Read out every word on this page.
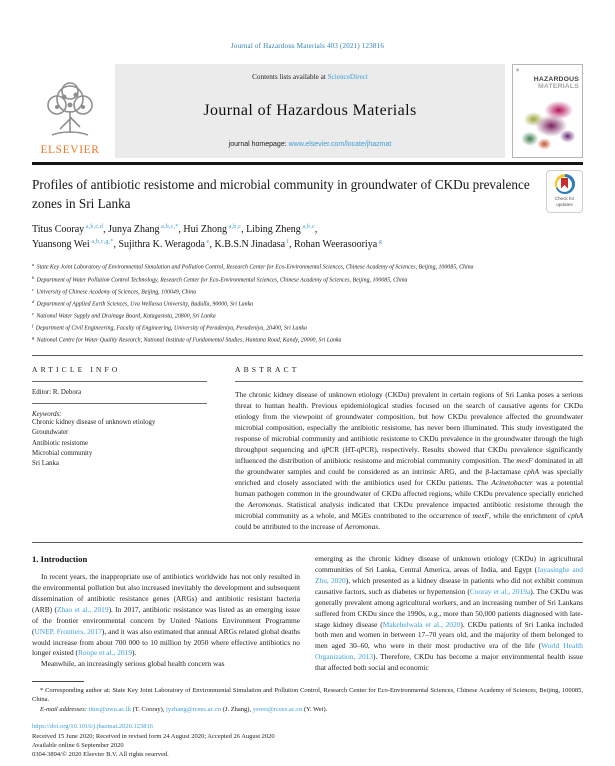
Journal of Hazardous Materials 403 (2021) 123816
ELSEVIER
Contents lists available at ScienceDirect
Journal of Hazardous Materials
journal homepage: www.elsevier.com/locate/jhazmat
▦	▫
HAZARDOUS
MATERIALS
Profiles of antibiotic resistome and microbial community in groundwater of CKDu prevalence zones in Sri Lanka	Check for
updates
Titus Cooray $^{a,b,c,d}$, Junya Zhang $^{a,b,c,*}$, Hui Zhong $^{a,b,c}$, Libing Zheng $^{a,b,c}$,
Yuansong Wei $^{a,b,c,g,*}$, Sujithra K. Weragoda $^e$, K.B.S.N Jinadasa $^f$, Rohan Weerasooriya $^g$
$^a$ State Key Joint Laboratory of Environmental Simulation and Pollution Control, Research Center for Eco-Environmental Sciences, Chinese Academy of Sciences, Beijing, 100085, China
$^b$ Department of Water Pollution Control Technology, Research Center for Eco-Environmental Sciences, Chinese Academy of Sciences, Beijing, 100085, China
$^c$ University of Chinese Academy of Sciences, Beijing, 100049, China
$^d$ Department of Applied Earth Sciences, Uva Wellassa University, Badulla, 90000, Sri Lanka
$^e$ National Water Supply and Drainage Board, Katugastota, 20800, Sri Lanka
$^f$ Department of Civil Engineering, Faculty of Engineering, University of Peradeniya, Peradeniya, 20400, Sri Lanka
$^g$ National Centre for Water Quality Research, National Institute of Fundamental Studies, Hantana Road, Kandy, 20000, Sri Lanka
ARTICLE INFO
Editor: R. Debora
Keywords:
Chronic kidney disease of unknown etiology
Groundwater
Antibiotic resistome
Microbial community
Sri Lanka
ABSTRACT
The chronic kidney disease of unknown etiology (CKDu) prevalent in certain regions of Sri Lanka poses a serious threat to human health. Previous epidemiological studies focused on the search of causative agents for CKDu etiology from the viewpoint of groundwater composition, but how CKDu prevalence affected the groundwater microbial composition, especially the antibiotic resistome, has never been illuminated. This study investigated the response of microbial community and antibiotic resistome to CKDu prevalence in the groundwater through the high throughput sequencing and qPCR (HT-qPCR), respectively. Results showed that CKDu prevalence significantly influenced the distribution of antibiotic resistome and microbial community composition. The mexF dominated in all the groundwater samples and could be considered as an intrinsic ARG, and the β-lactamase cphA was specially enriched and closely associated with the antibiotics used for CKDu patients. The Acinetobacter was a potential human pathogen common in the groundwater of CKDu affected regions, while CKDu prevalence specially enriched the Aeromonas. Statistical analysis indicated that CKDu prevalence impacted antibiotic resistome through the microbial community as a whole, and MGEs contributed to the occurrence of mexF, while the enrichment of cphA could be attributed to the increase of Aeromonas.
1. Introduction

In recent years, the inappropriate use of antibiotics worldwide has not only resulted in the environmental pollution but also increased inevitably the development and subsequent dissemination of antibiotic resistance genes (ARGs) and antibiotic resistant bacteria (ARB) (Zhao et al., 2019). In 2017, antibiotic resistance was listed as an emerging issue of the frontier environmental concern by United Nations Environment Programme (UNEP, Frontiers, 2017), and it was also estimated that annual ARGs related global deaths would increase from about 700 000 to 10 million by 2050 where effective antibiotics no longer existed (Roope et al., 2019).

Meanwhile, an increasingly serious global health concern was

emerging as the chronic kidney disease of unknown etiology (CKDu) in agricultural communities of Sri Lanka, Central America, areas of India, and Egypt (Jayasinghe and Zhu, 2020), which presented as a kidney disease in patients who did not exhibit common causative factors, such as diabetes or hypertension (Cooray et al., 2019a). The CKDu was generally prevalent among agricultural workers, and an increasing number of Sri Lankans suffered from CKDu since the 1990s, e.g., more than 50,000 patients diagnosed with late-stage kidney disease (Makehelwala et al., 2020). CKDu patients of Sri Lanka included both men and women in between 17–70 years old, and the majority of them belonged to men aged 30–60, who were in their most productive era of the life (World Health Organization, 2013). Therefore, CKDu has become a major environmental health issue that affected both social and economic

* Corresponding author at: State Key Joint Laboratory of Environmental Simulation and Pollution Control, Research Center for Eco-Environmental Sciences, Chinese Academy of Sciences, Beijing, 100085, China.

E-mail addresses: titus@uwu.ac.lk (T. Cooray), jyzhang@rcees.ac.cn (J. Zhang), yswei@rcees.ac.cn (Y. Wei).

https://doi.org/10.1016/j.jhazmat.2020.123816
Received 15 June 2020; Received in revised form 24 August 2020; Accepted 26 August 2020
Available online 6 September 2020
0304-3894/© 2020 Elsevier B.V. All rights reserved.
